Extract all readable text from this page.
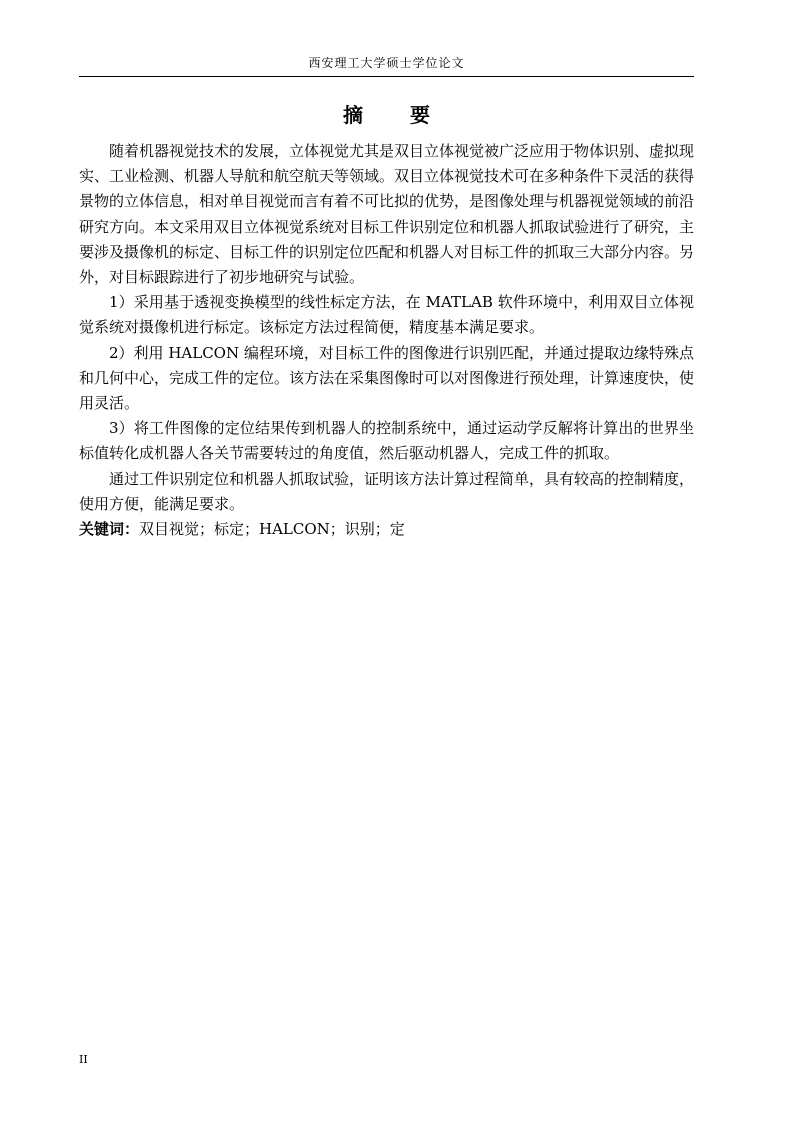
西安理工大学硕士学位论文
摘 要

随着机器视觉技术的发展，立体视觉尤其是双目立体视觉被广泛应用于物体识别、虚拟现实、工业检测、机器人导航和航空航天等领域。双目立体视觉技术可在多种条件下灵活的获得景物的立体信息，相对单目视觉而言有着不可比拟的优势，是图像处理与机器视觉领域的前沿研究方向。本文采用双目立体视觉系统对目标工件识别定位和机器人抓取试验进行了研究，主要涉及摄像机的标定、目标工件的识别定位匹配和机器人对目标工件的抓取三大部分内容。另外，对目标跟踪进行了初步地研究与试验。

1）采用基于透视变换模型的线性标定方法，在 MATLAB 软件环境中，利用双目立体视觉系统对摄像机进行标定。该标定方法过程简便，精度基本满足要求。

2）利用 HALCON 编程环境，对目标工件的图像进行识别匹配，并通过提取边缘特殊点和几何中心，完成工件的定位。该方法在采集图像时可以对图像进行预处理，计算速度快，使用灵活。

3）将工件图像的定位结果传到机器人的控制系统中，通过运动学反解将计算出的世界坐标值转化成机器人各关节需要转过的角度值，然后驱动机器人，完成工件的抓取。

通过工件识别定位和机器人抓取试验，证明该方法计算过程简单，具有较高的控制精度，使用方便，能满足要求。

关键词：双目视觉；标定；HALCON；识别；定

II
